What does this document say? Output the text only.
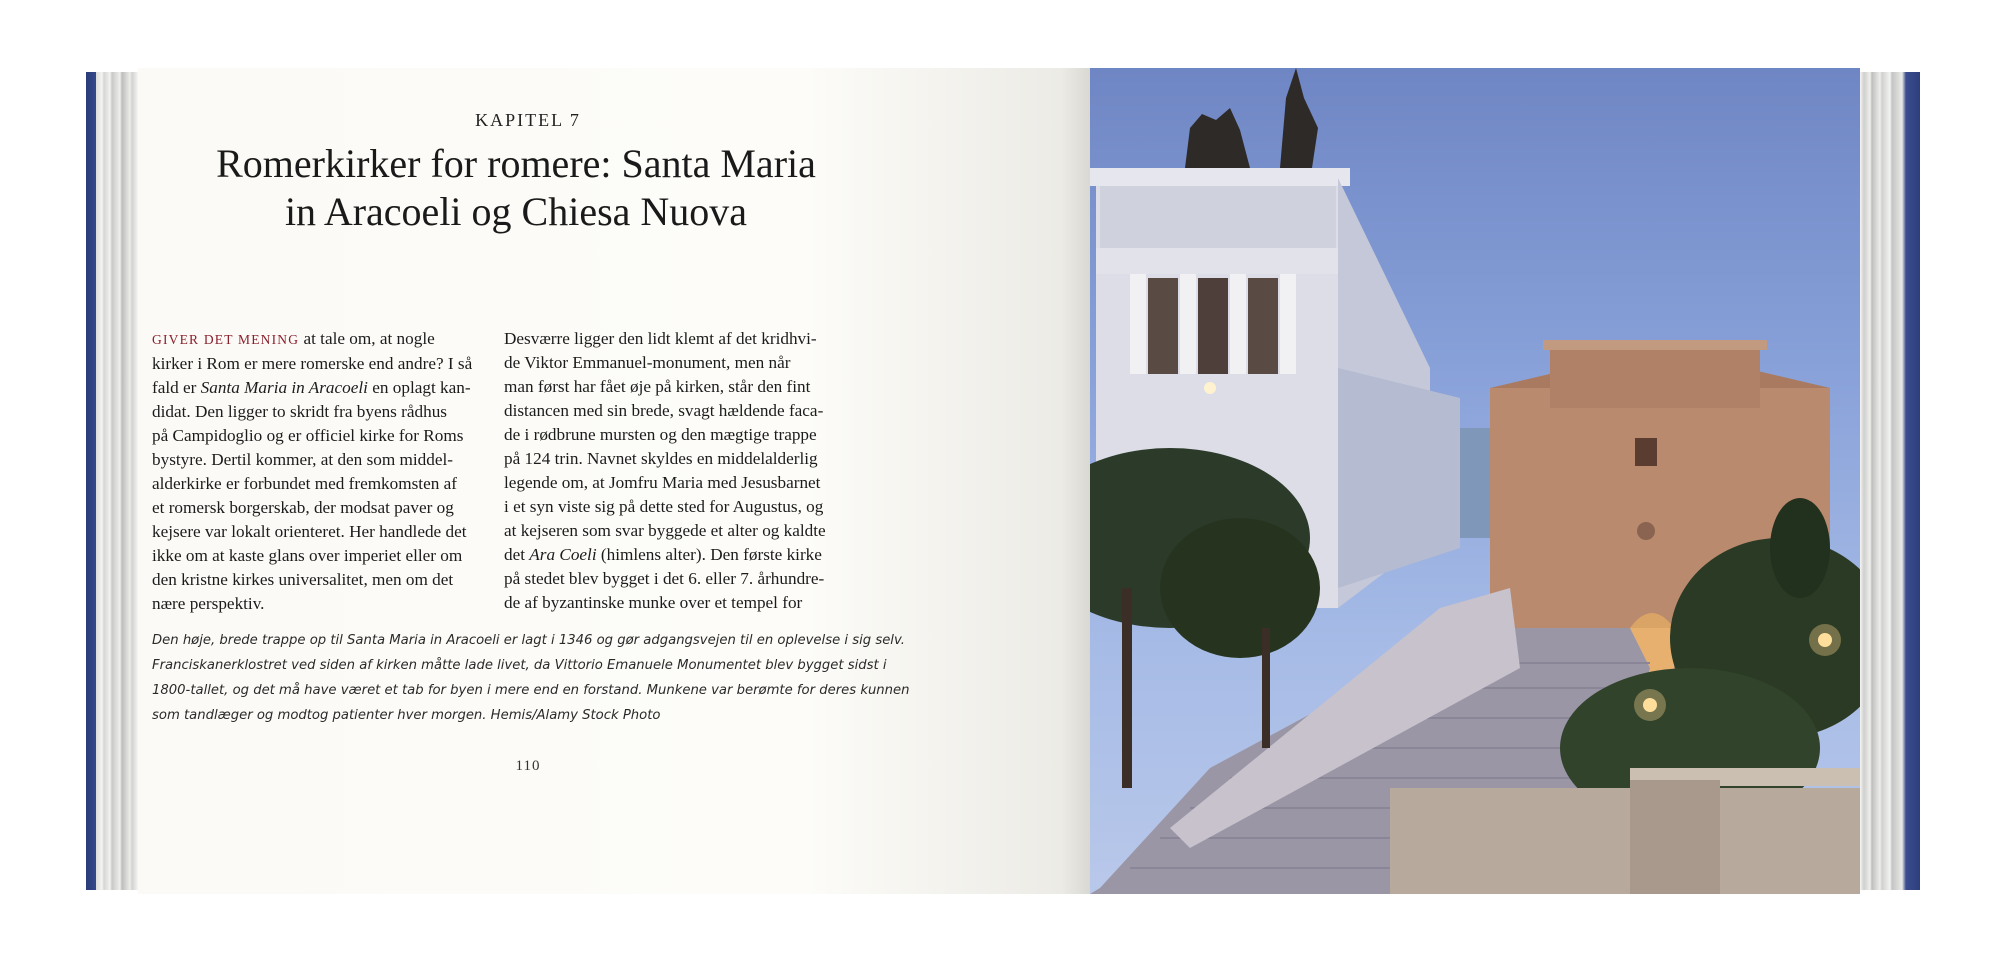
KAPITEL 7
Romerkirker for romere: Santa Maria
in Aracoeli og Chiesa Nuova
GIVER DET MENING at tale om, at nogle
kirker i Rom er mere romerske end andre? I så
fald er Santa Maria in Aracoeli en oplagt kan-
didat. Den ligger to skridt fra byens rådhus
på Campidoglio og er officiel kirke for Roms
bystyre. Dertil kommer, at den som middel-
alderkirke er forbundet med fremkomsten af
et romersk borgerskab, der modsat paver og
kejsere var lokalt orienteret. Her handlede det
ikke om at kaste glans over imperiet eller om
den kristne kirkes universalitet, men om det
nære perspektiv.
Desværre ligger den lidt klemt af det kridhvi-
de Viktor Emmanuel-monument, men når
man først har fået øje på kirken, står den fint
distancen med sin brede, svagt hældende faca-
de i rødbrune mursten og den mægtige trappe
på 124 trin. Navnet skyldes en middelalderlig
legende om, at Jomfru Maria med Jesusbarnet
i et syn viste sig på dette sted for Augustus, og
at kejseren som svar byggede et alter og kaldte
det Ara Coeli (himlens alter). Den første kirke
på stedet blev bygget i det 6. eller 7. århundre-
de af byzantinske munke over et tempel for
Den høje, brede trappe op til Santa Maria in Aracoeli er lagt i 1346 og gør adgangsvejen til en oplevelse i sig selv.
Franciskanerklostret ved siden af kirken måtte lade livet, da Vittorio Emanuele Monumentet blev bygget sidst i
1800-tallet, og det må have været et tab for byen i mere end en forstand. Munkene var berømte for deres kunnen
som tandlæger og modtog patienter hver morgen. Hemis/Alamy Stock Photo
110
